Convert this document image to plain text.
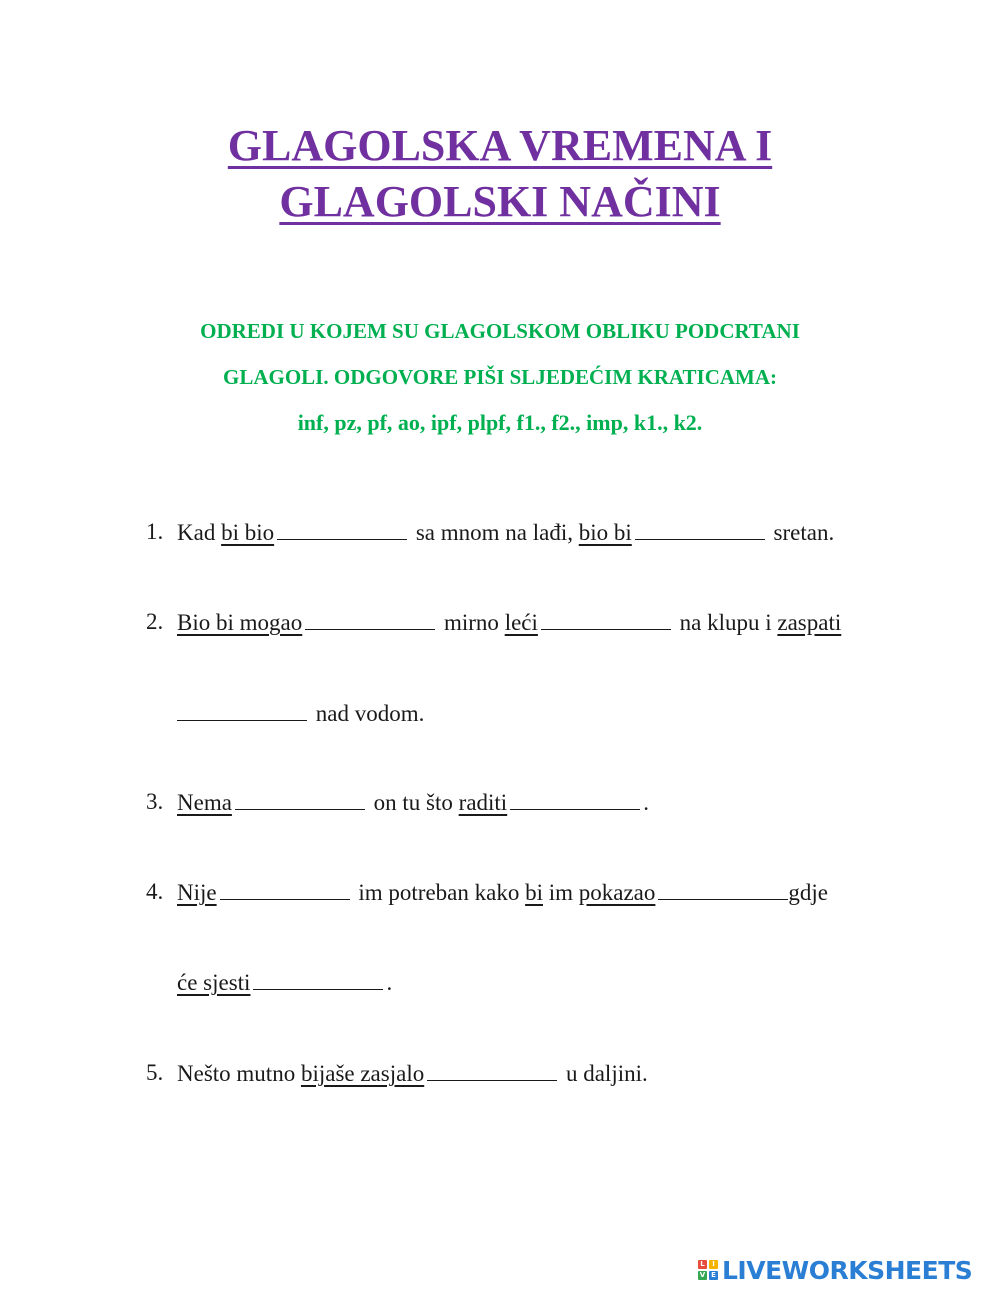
GLAGOLSKA VREMENA I
GLAGOLSKI NAČINI
ODREDI U KOJEM SU GLAGOLSKOM OBLIKU PODCRTANI
GLAGOLI. ODGOVORE PIŠI SLJEDEĆIM KRATICAMA:
inf, pz, pf, ao, ipf, plpf, f1., f2., imp, k1., k2.
1. Kad bi bio	sa mnom na lađi, bio bi	sretan.
2. Bio bi mogao	mirno leći	na klupu i zaspati
nad vodom.
3. Nema	on tu što raditi	.
4. Nije	im potreban kako bi im pokazao	gdje
će sjesti	.
5. Nešto mutno bijaše zasjalo	u daljini.
L	I
V E LIVEWORKSHEETS
